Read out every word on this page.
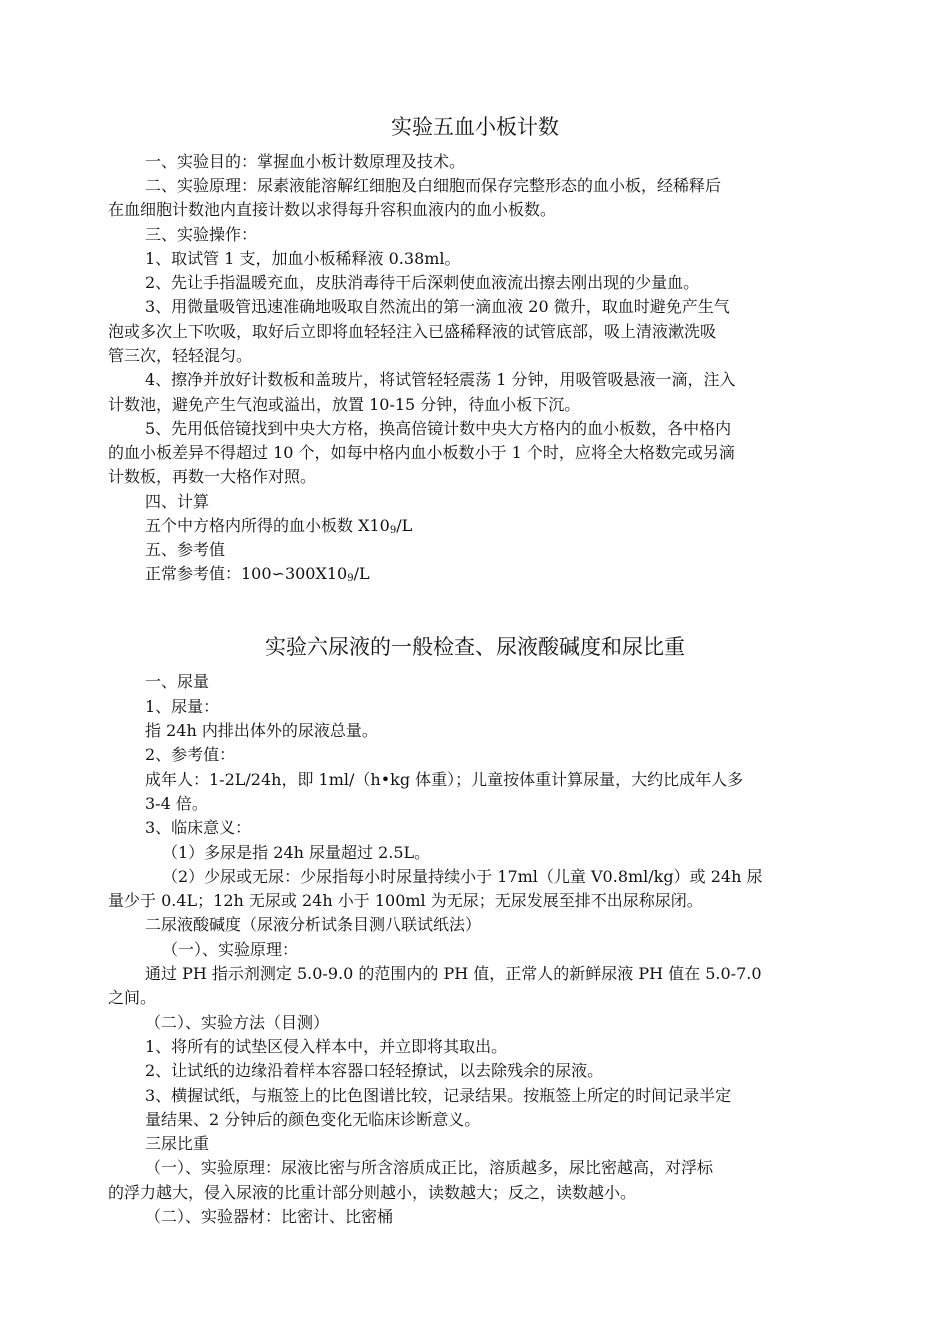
实验五血小板计数

一、实验目的：掌握血小板计数原理及技术。

二、实验原理：尿素液能溶解红细胞及白细胞而保存完整形态的血小板，经稀释后

在血细胞计数池内直接计数以求得每升容积血液内的血小板数。

三、实验操作：

1、取试管 1 支，加血小板稀释液 0.38ml。

2、先让手指温暖充血，皮肤消毒待干后深刺使血液流出擦去刚出现的少量血。

3、用微量吸管迅速准确地吸取自然流出的第一滴血液 20 微升，取血时避免产生气

泡或多次上下吹吸，取好后立即将血轻轻注入已盛稀释液的试管底部，吸上清液漱洗吸

管三次，轻轻混匀。

4、擦净并放好计数板和盖玻片，将试管轻轻震荡 1 分钟，用吸管吸悬液一滴，注入

计数池，避免产生气泡或溢出，放置 10-15 分钟，待血小板下沉。

5、先用低倍镜找到中央大方格，换高倍镜计数中央大方格内的血小板数，各中格内

的血小板差异不得超过 10 个，如每中格内血小板数小于 1 个时，应将全大格数完或另滴

计数板，再数一大格作对照。

四、计算

五个中方格内所得的血小板数 $X10_9/L$

五、参考值

正常参考值：$100∽300X10_9/L$

实验六尿液的一般检查、尿液酸碱度和尿比重

一、尿量

1、尿量：

指 24h 内排出体外的尿液总量。

2、参考值：

成年人：1-2L/24h，即 1ml/（h•kg 体重）；儿童按体重计算尿量，大约比成年人多

3-4 倍。

3、临床意义：

（1）多尿是指 24h 尿量超过 2.5L。

（2）少尿或无尿：少尿指每小时尿量持续小于 17ml（儿童 V0.8ml/kg）或 24h 尿

量少于 0.4L；12h 无尿或 24h 小于 100ml 为无尿；无尿发展至排不出尿称尿闭。

二尿液酸碱度（尿液分析试条目测八联试纸法）

（一）、实验原理：

通过 PH 指示剂测定 5.0-9.0 的范围内的 PH 值，正常人的新鲜尿液 PH 值在 5.0-7.0

之间。

（二）、实验方法（目测）

1、将所有的试垫区侵入样本中，并立即将其取出。

2、让试纸的边缘沿着样本容器口轻轻撩试，以去除残余的尿液。

3、横握试纸，与瓶签上的比色图谱比较，记录结果。按瓶签上所定的时间记录半定

量结果、2 分钟后的颜色变化无临床诊断意义。

三尿比重

（一）、实验原理：尿液比密与所含溶质成正比，溶质越多，尿比密越高，对浮标

的浮力越大，侵入尿液的比重计部分则越小，读数越大；反之，读数越小。

（二）、实验器材：比密计、比密桶
